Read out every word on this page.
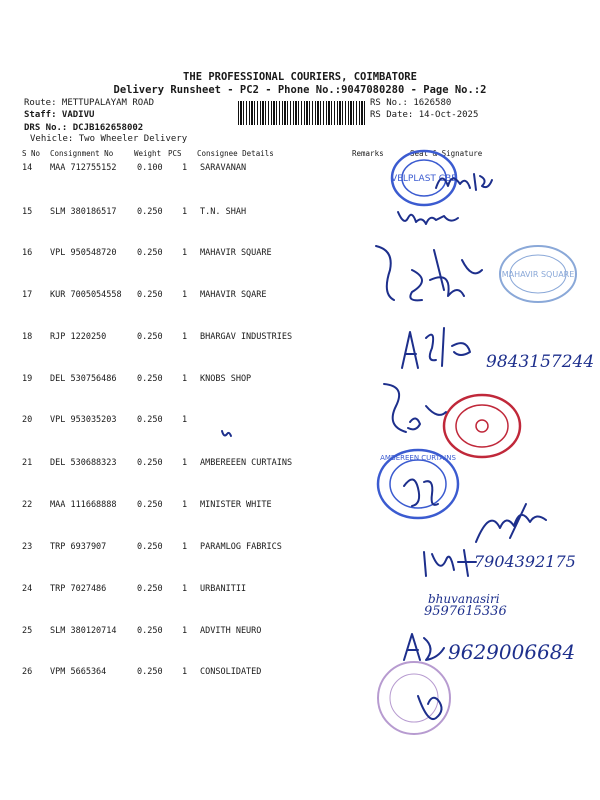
THE PROFESSIONAL COURIERS, COIMBATORE
Delivery Runsheet - PC2 - Phone No.:9047080280 - Page No.:2
Route: METTUPALAYAM ROAD
Staff: VADIVU
DRS No.: DCJB162658002
Vehicle: Two Wheeler Delivery
RS No.: 1626580
RS Date: 14-Oct-2025
S No Consignment No	Weight PCS Consignee Details	Remarks	Seal & Signature
14 MAA 712755152 0.100 1 SARAVANAN
15 SLM 380186517 0.250 1 T.N. SHAH
16 VPL 950548720 0.250 1 MAHAVIR SQUARE
17 KUR 7005054558 0.250 1 MAHAVIR SQARE
18 RJP 1220250	0.250 1 BHARGAV INDUSTRIES
19 DEL 530756486 0.250 1 KNOBS SHOP
20 VPL 953035203 0.250 1
21 DEL 530688323 0.250 1 AMBEREEEN CURTAINS
22 MAA 111668888 0.250 1 MINISTER WHITE
23 TRP 6937907	0.250 1 PARAMLOG FABRICS
24 TRP 7027486	0.250 1 URBANITII
25 SLM 380120714 0.250 1 ADVITH NEURO
26 VPM 5665364	0.250 1 CONSOLIDATED
VELPLAST CBE
MAHAVIR SQUARE
AMBEREEN CURTAINS
9843157244
7904392175
bhuvanasiri
9597615336
9629006684
